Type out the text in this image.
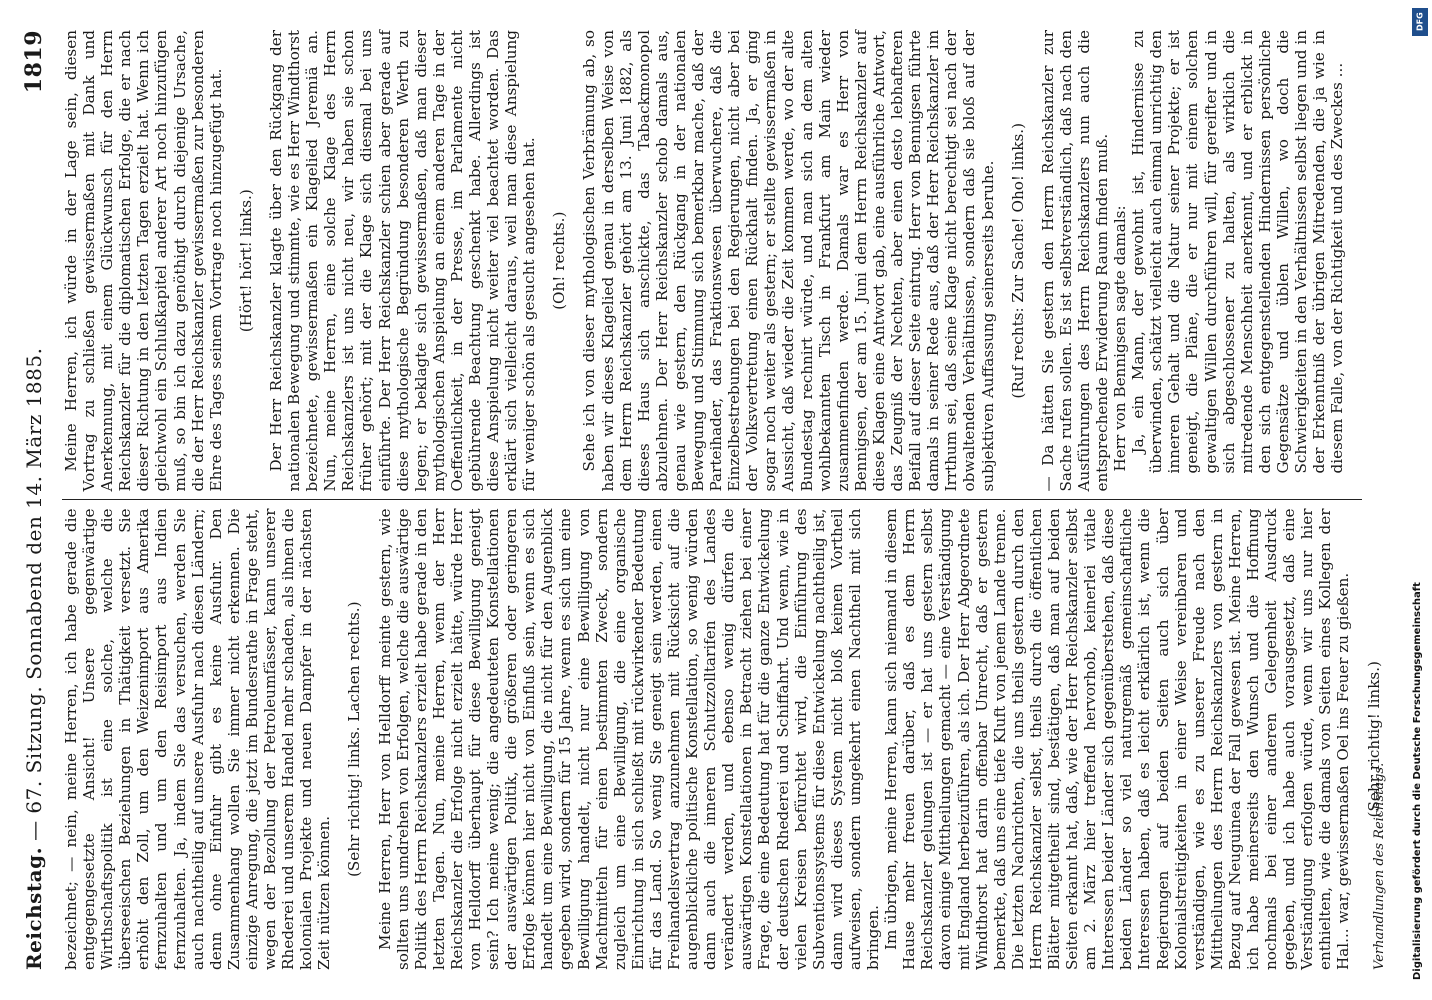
Reichstag.
— 67. Sitzung.
Sonnabend den 14. März 1885.
1819

bezeichnet; — nein, meine Herren, ich habe gerade die entgegengesetzte Ansicht! Unsere gegenwärtige Wirthschaftspolitik ist eine solche, welche die überseeischen Beziehungen in Thätigkeit versetzt. Sie erhöht den Zoll, um den Weizenimport aus Amerika fernzuhalten und um den Reisimport aus Indien fernzuhalten. Ja, indem Sie das versuchen, werden Sie auch nachtheilig auf unsere Ausfuhr nach diesen Ländern; denn ohne Einfuhr gibt es keine Ausfuhr. Den Zusammenhang wollen Sie immer nicht erkennen. Die einzige Anregung, die jetzt im Bundesrathe in Frage steht, wegen der Bezollung der Petroleumfässer, kann unserer Rhederei und unserem Handel mehr schaden, als ihnen die kolonialen Projekte und neuen Dampfer in der nächsten Zeit nützen können.

(Sehr richtig! links. Lachen rechts.) Meine Herren, Herr von Helldorff meinte gestern, wie sollten uns umdrehen von Erfolgen, welche die auswärtige Politik des Herrn Reichskanzlers erzielt habe gerade in den letzten Tagen. Nun, meine Herren, wenn der Herr Reichskanzler die Erfolge nicht erzielt hätte, würde Herr von Helldorff überhaupt für diese Bewilligung geneigt sein? Ich meine wenig; die angedeuteten Konstellationen der auswärtigen Politik, die größeren oder geringeren Erfolge können hier nicht von Einfluß sein, wenn es sich handelt um eine Bewilligung, die nicht für den Augenblick gegeben wird, sondern für 15 Jahre, wenn es sich um eine Bewilligung handelt, nicht nur eine Bewilligung von Machtmitteln für einen bestimmten Zweck, sondern zugleich um eine Bewilligung, die eine organische Einrichtung in sich schließt mit rückwirkender Bedeutung für das Land. So wenig Sie geneigt sein werden, einen Freihandelsvertrag anzunehmen mit Rücksicht auf die augenblickliche politische Konstellation, so wenig würden dann auch die inneren Schutzzolltarifen des Landes verändert werden, und ebenso wenig dürfen die auswärtigen Konstellationen in Betracht ziehen bei einer Frage, die eine Bedeutung hat für die ganze Entwickelung der deutschen Rhederei und Schiffahrt. Und wenn, wie in vielen Kreisen befürchtet wird, die Einführung des Subventionssystems für diese Entwickelung nachtheilig ist, dann wird dieses System nicht bloß keinen Vortheil aufweisen, sondern umgekehrt einen Nachtheil mit sich bringen. Im übrigen, meine Herren, kann sich niemand in diesem Hause mehr freuen darüber, daß es dem Herrn Reichskanzler gelungen ist — er hat uns gestern selbst davon einige Mittheilungen gemacht — eine Verständigung mit England herbeizuführen, als ich. Der Herr Abgeordnete Windthorst hat darin offenbar Unrecht, daß er gestern bemerkte, daß uns eine tiefe Kluft von jenem Lande trenne. Die letzten Nachrichten, die uns theils gestern durch den Herrn Reichskanzler selbst, theils durch die öffentlichen Blätter mitgetheilt sind, bestätigen, daß man auf beiden Seiten erkannt hat, daß, wie der Herr Reichskanzler selbst am 2. März hier treffend hervorhob, keinerlei vitale Interessen beider Länder sich gegenüberstehen, daß diese beiden Länder so viel naturgemäß gemeinschaftliche Interessen haben, daß es leicht erklärlich ist, wenn die Regierungen auf beiden Seiten auch sich über Kolonialstreitigkeiten in einer Weise vereinbaren und verständigen, wie es zu unserer Freude nach den Mittheilungen des Herrn Reichskanzlers von gestern in Bezug auf Neuguinea der Fall gewesen ist. Meine Herren, ich habe meinerseits den Wunsch und die Hoffnung nochmals bei einer anderen Gelegenheit Ausdruck gegeben, und ich habe auch vorausgesetzt, daß eine Verständigung erfolgen würde, wenn wir uns nur hier enthielten, wie die damals von Seiten eines Kollegen der Hal... war, gewissermaßen Oel ins Feuer zu gießen. (Sehr richtig! links.)

Meine Herren, ich würde in der Lage sein, diesen Vortrag zu schließen gewissermaßen mit Dank und Anerkennung, mit einem Glückwunsch für den Herrn Reichskanzler für die diplomatischen Erfolge, die er nach dieser Richtung in den letzten Tagen erzielt hat. Wenn ich gleichwohl ein Schlußkapitel anderer Art noch hinzufügen muß, so bin ich dazu genöthigt durch diejenige Ursache, die der Herr Reichskanzler gewissermaßen zur besonderen Ehre des Tages seinem Vortrage noch hinzugefügt hat. (Hört! hört! links.) Der Herr Reichskanzler klagte über den Rückgang der nationalen Bewegung und stimmte, wie es Herr Windthorst bezeichnete, gewissermaßen ein Klagelied Jeremiä an. Nun, meine Herren, eine solche Klage des Herrn Reichskanzlers ist uns nicht neu, wir haben sie schon früher gehört; mit der die Klage sich diesmal bei uns einführte. Der Herr Reichskanzler schien aber gerade auf diese mythologische Begründung besonderen Werth zu legen; er beklagte sich gewissermaßen, daß man dieser mythologischen Anspielung an einem anderen Tage in der Oeffentlichkeit, in der Presse, im Parlamente nicht gebührende Beachtung geschenkt habe. Allerdings ist diese Anspielung nicht weiter viel beachtet worden. Das erklärt sich vielleicht daraus, weil man diese Anspielung für weniger schön als gesucht angesehen hat. (Oh! rechts.) Sehe ich von dieser mythologischen Verbrämung ab, so haben wir dieses Klagelied genau in derselben Weise von dem Herrn Reichskanzler gehört am 13. Juni 1882, als dieses Haus sich anschickte, das Tabackmonopol abzulehnen. Der Herr Reichskanzler schob damals aus, genau wie gestern, den Rückgang in der nationalen Bewegung und Stimmung sich bemerkbar mache, daß der Parteihader, das Fraktionswesen überwuchere, daß die Einzelbestrebungen bei den Regierungen, nicht aber bei der Volksvertretung einen Rückhalt finden. Ja, er ging sogar noch weiter als gestern; er stellte gewissermaßen in Aussicht, daß wieder die Zeit kommen werde, wo der alte Bundestag rechnirt würde, und man sich an dem alten wohlbekannten Tisch in Frankfurt am Main wieder zusammenfinden werde. Damals war es Herr von Bennigsen, der am 15. Juni dem Herrn Reichskanzler auf diese Klagen eine Antwort gab, eine ausführliche Antwort, das Zeugniß der Nechten, aber einen desto lebhafteren Beifall auf dieser Seite eintrug. Herr von Bennigsen führte damals in seiner Rede aus, daß der Herr Reichskanzler im Irrthum sei, daß seine Klage nicht berechtigt sei nach der obwaltenden Verhältnissen, sondern daß sie bloß auf der subjektiven Auffassung seinerseits beruhe. (Ruf rechts: Zur Sache! Oho! links.) — Da hätten Sie gestern den Herrn Reichskanzler zur Sache rufen sollen. Es ist selbstverständlich, daß nach den Ausführungen des Herrn Reichskanzlers nun auch die entsprechende Erwiderung Raum finden muß. Herr von Bennigsen sagte damals: Ja, ein Mann, der gewohnt ist, Hindernisse zu überwinden, schätzt vielleicht auch einmal unrichtig den inneren Gehalt und die Natur seiner Projekte; er ist geneigt, die Pläne, die er nur mit einem solchen gewaltigen Willen durchführen will, für gereifter und in sich abgeschlossener zu halten, als wirklich die mitredende Menschheit anerkennt, und er erblickt in den sich entgegenstellenden Hindernissen persönliche Gegensätze und üblen Willen, wo doch die Schwierigkeiten in den Verhältnissen selbst liegen und in der Erkenntniß der übrigen Mitredenden, die ja wie in diesem Falle, von der Richtigkeit und des Zweckes ...

Verhandlungen des Reichstags.
DFG
Digitalisierung gefördert durch die Deutsche Forschungsgemeinschaft
